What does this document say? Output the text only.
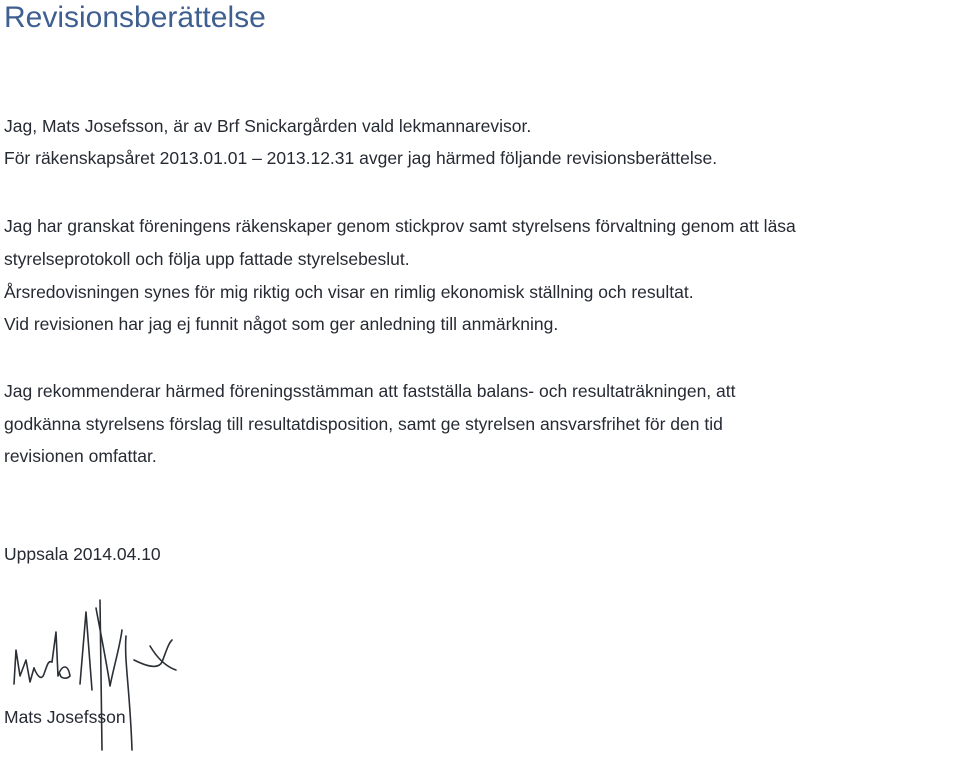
Revisionsberättelse
Jag, Mats Josefsson, är av Brf Snickargården vald lekmannarevisor.
För räkenskapsåret 2013.01.01 – 2013.12.31 avger jag härmed följande revisionsberättelse.
Jag har granskat föreningens räkenskaper genom stickprov samt styrelsens förvaltning genom att läsa
styrelseprotokoll och följa upp fattade styrelsebeslut.
Årsredovisningen synes för mig riktig och visar en rimlig ekonomisk ställning och resultat.
Vid revisionen har jag ej funnit något som ger anledning till anmärkning.
Jag rekommenderar härmed föreningsstämman att fastställa balans- och resultaträkningen, att
godkänna styrelsens förslag till resultatdisposition, samt ge styrelsen ansvarsfrihet för den tid
revisionen omfattar.
Uppsala 2014.04.10
Mats Josefsson
